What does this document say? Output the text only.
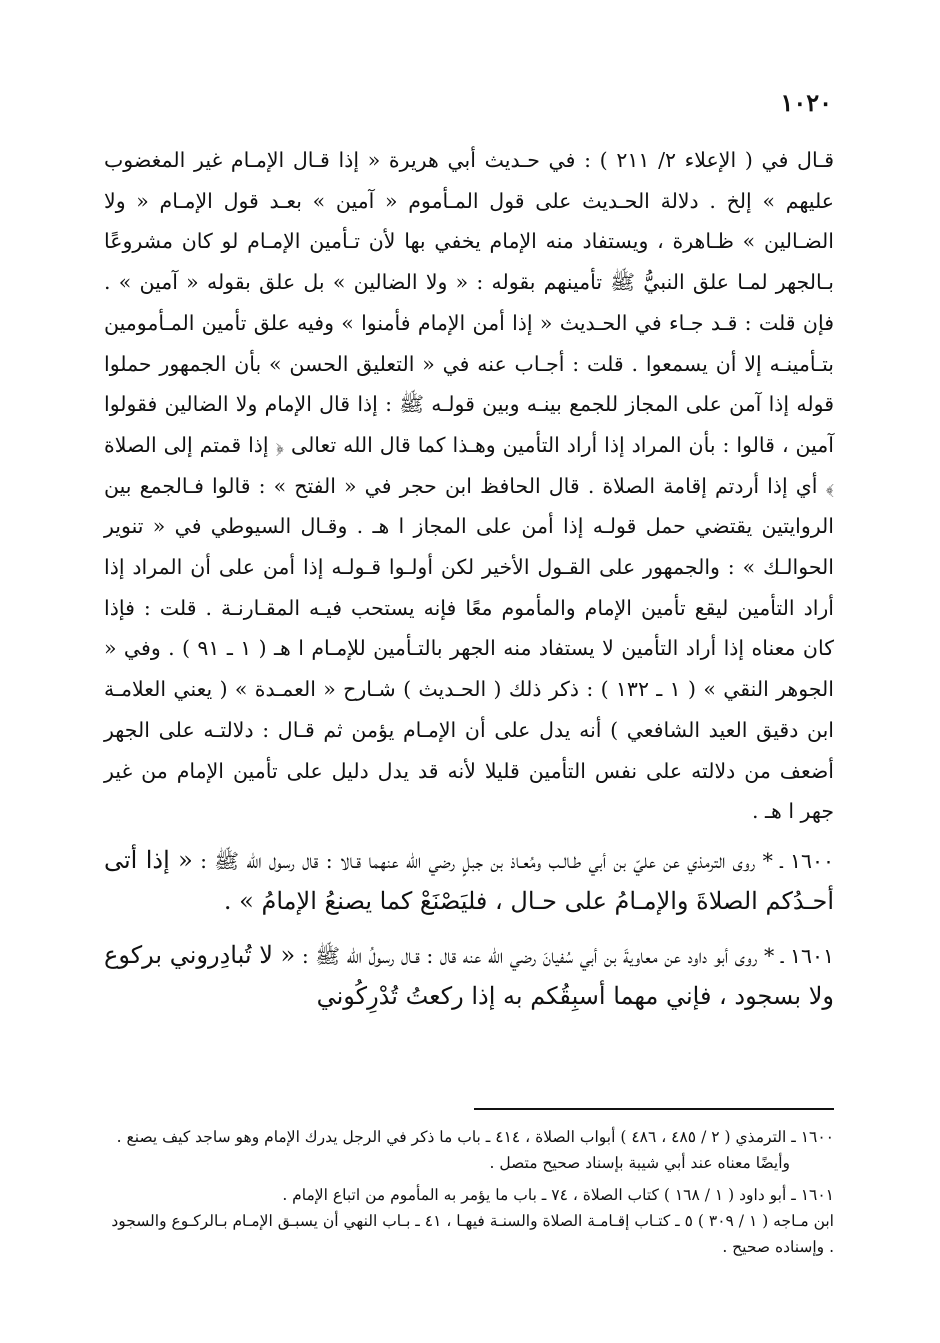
١٠٢٠

قـال في ( الإعلاء ٢/ ٢١١ ) : في حـديث أبي هريرة « إذا قـال الإمـام غير المغضوب عليهم » إلخ . دلالة الحـديث على قول المـأموم « آمين » بعـد قول الإمـام « ولا الضـالين » ظـاهرة ، ويستفاد منه الإمام يخفي بها لأن تـأمين الإمـام لو كان مشروعًا بـالجهر لمـا علق النبيُّ ﷺ تأمينهم بقوله : « ولا الضالين » بل علق بقوله « آمين » . فإن قلت : قـد جـاء في الحـديث « إذا أمن الإمام فأمنوا » وفيه علق تأمين المـأمومين بتـأمينـه إلا أن يسمعوا . قلت : أجـاب عنه في « التعليق الحسن » بأن الجمهور حملوا قوله إذا آمن على المجاز للجمع بينـه وبين قولـه ﷺ : إذا قال الإمام ولا الضالين فقولوا آمين ، قالوا : بأن المراد إذا أراد التأمين وهـذا كما قال الله تعالى ﴿ إذا قمتم إلى الصلاة ﴾ أي إذا أردتم إقامة الصلاة . قال الحافظ ابن حجر في « الفتح » : قالوا فـالجمع بين الروايتين يقتضي حمل قولـه إذا أمن على المجاز ا هـ . وقـال السيوطي في « تنوير الحوالـك » : والجمهور على القـول الأخير لكن أولـوا قـولـه إذا أمن على أن المراد إذا أراد التأمين ليقع تأمين الإمام والمأموم معًا فإنه يستحب فيـه المقـارنـة . قلت : فإذا كان معناه إذا أراد التأمين لا يستفاد منه الجهر بالتـأمين للإمـام ا هـ ( ١ ـ ٩١ ) . وفي « الجوهر النقي » ( ١ ـ ١٣٢ ) : ذكر ذلك ( الحـديث ) شـارح « العمـدة » ( يعني العلامـة ابن دقيق العيد الشافعي ) أنه يدل على أن الإمـام يؤمن ثم قـال : دلالتـه على الجهر أضعف من دلالته على نفس التأمين قليلا لأنه قد يدل دليل على تأمين الإمام من غير جهر ا هـ .

١٦٠٠ ـ * روى الترمذي عن عليّ بن أبي طـالـب ومُعـاذ بن جبلٍ رضي الله عنهما قـالا : قال رسول الله ﷺ : « إذا أتى أحـدُكم الصلاةَ والإمـامُ على حـال ، فليَصْنَعْ كما يصنعُ الإمامُ » .

١٦٠١ ـ * روى أبو داود عن معاويةَ بن أبي سُفيانَ رضي الله عنه قال : قـال رسولُ الله ﷺ : « لا تُبادِروني بركوع ولا بسجود ، فإني مهما أسبِقُكم به إذا ركعتُ تُدْرِكُوني

١٦٠٠ ـ الترمذي ( ٢ / ٤٨٥ ، ٤٨٦ ) أبواب الصلاة ، ٤١٤ ـ باب ما ذكر في الرجل يدرك الإمام وهو ساجد كيف يصنع .
وأيضًا معناه عند أبي شيبة بإسناد صحيح متصل .

١٦٠١ ـ أبو داود ( ١ / ١٦٨ ) كتاب الصلاة ، ٧٤ ـ باب ما يؤمر به المأموم من اتباع الإمام .
ابن مـاجه ( ١ / ٣٠٩ ) ٥ ـ كتـاب إقـامـة الصلاة والسنـة فيهـا ، ٤١ ـ بـاب النهي أن يسبـق الإمـام بـالركـوع والسجود . وإسناده صحيح .
